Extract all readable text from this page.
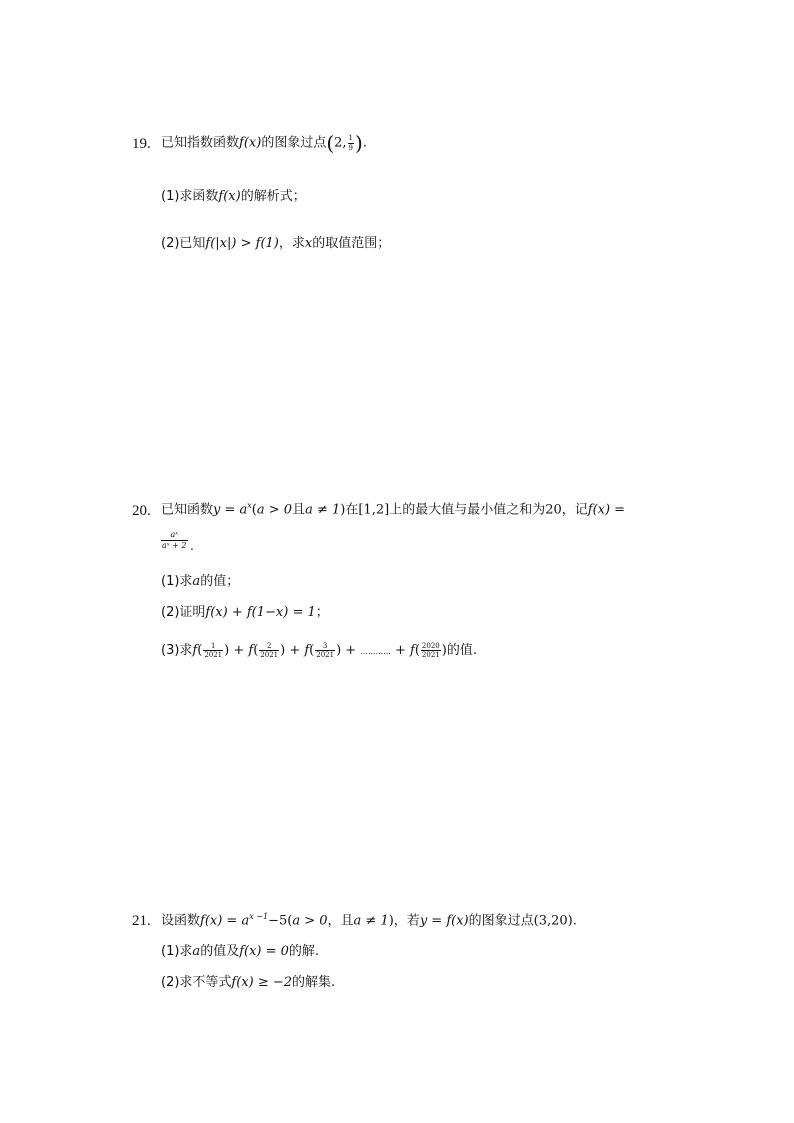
19. 已知指数函数f(x)的图象过点(2, $\frac{1}{9}$ ).
(1)求函数f(x)的解析式；
(2)已知f(|x|) > f(1)，求x的取值范围；
20. 已知函数$y = a^x(a > 0$且a ≠ 1)在[1,2]上的最大值与最小值之和为20，记f(x) =
$\frac{\text{aˣ}}{\text{aˣ + 2}}$ .
(1)求a的值；
(2)证明f(x) + f(1−x) = 1；
(3)求$f( \frac{1}{2021}$ ) + $f( \frac{2}{2021}$ ) + $f( \frac{3}{2021}$ ) + ............ + $f( \frac{2020}{2021}$ )的值.
21. 设函数$f(x) = a^{x -1}-5(a > 0$，且a ≠ 1)，若y = f(x)的图象过点(3,20).
(1)求a的值及f(x) = 0的解.
(2)求不等式f(x) ≥ −2的解集.
